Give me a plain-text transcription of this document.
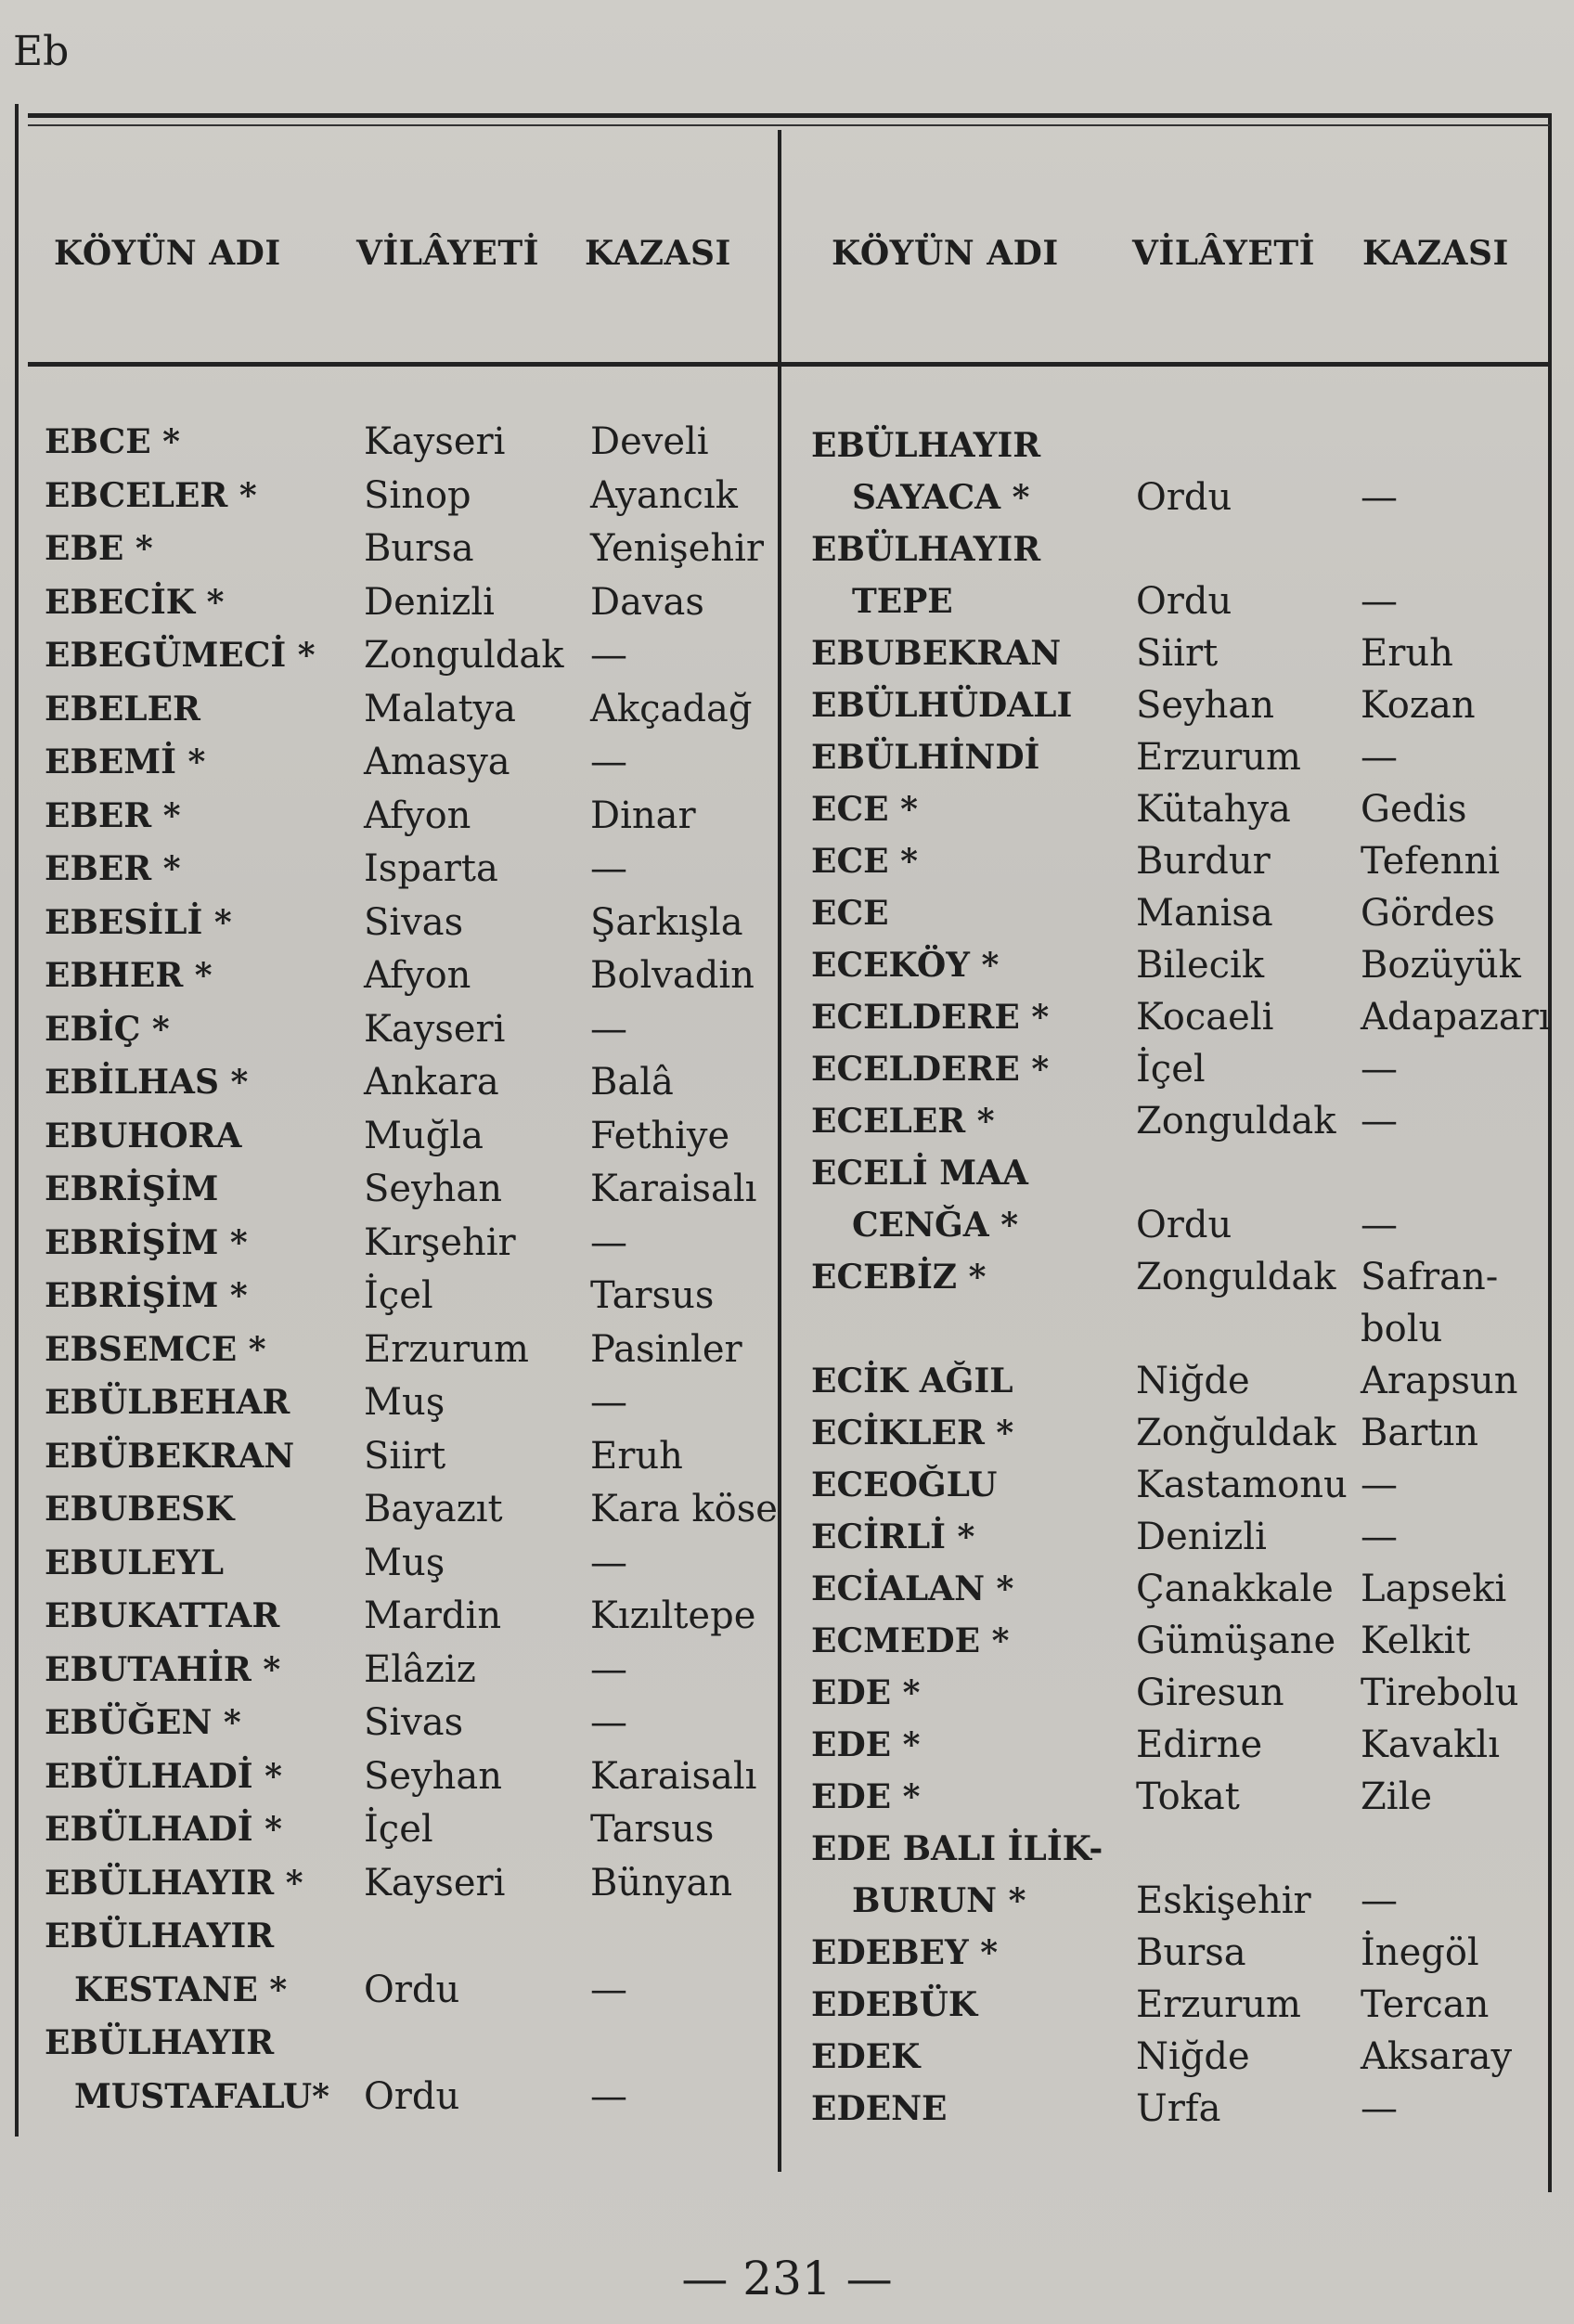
Eb
KÖYÜN ADI VİLÂYETİ KAZASI	KÖYÜN ADI VİLÂYETİ KAZASI
EBCE *	Kayseri Develi
EBCELER *	Sinop	Ayancık
EBE *	Bursa	Yenişehir
EBECİK *	Denizli	Davas
EBEGÜMECİ * Zonguldak —
EBELER	Malatya Akçadağ
EBEMİ *	Amasya —
EBER *	Afyon	Dinar
EBER *	Isparta —
EBESİLİ *	Sivas	Şarkışla
EBHER *	Afyon	Bolvadin
EBİÇ *	Kayseri —
EBİLHAS *	Ankara Balâ
EBUHORA	Muğla	Fethiye
EBRİŞİM	Seyhan Karaisalı
EBRİŞİM *	Kırşehir —
EBRİŞİM *	İçel	Tarsus
EBSEMCE *	Erzurum Pasinler
EBÜLBEHAR Muş	—
EBÜBEKRAN Siirt	Eruh
EBUBESK	Bayazıt Kara köse
EBULEYL	Muş	—
EBUKATTAR Mardin Kızıltepe
EBUTAHİR * Elâziz	—
EBÜĞEN *	Sivas	—
EBÜLHADİ * Seyhan Karaisalı
EBÜLHADİ * İçel	Tarsus
EBÜLHAYIR * Kayseri Bünyan
EBÜLHAYIR
KESTANE * Ordu	—
EBÜLHAYIR
MUSTAFALU* Ordu	—
EBÜLHAYIR
SAYACA *	Ordu	—
EBÜLHAYIR
TEPE	Ordu	—
EBUBEKRAN Siirt	Eruh
EBÜLHÜDALI Seyhan Kozan
EBÜLHİNDİ	Erzurum —
ECE *	Kütahya Gedis
ECE *	Burdur Tefenni
ECE	Manisa Gördes
ECEKÖY *	Bilecik	Bozüyük
ECELDERE * Kocaeli Adapazarı
ECELDERE * İçel	—
ECELER *	Zonguldak —
ECELİ MAA
CENĞA *	Ordu	—
ECEBİZ *	Zonguldak Safran-
bolu
ECİK AĞIL	Niğde	Arapsun
ECİKLER *	Zonğuldak Bartın
ECEOĞLU	Kastamonu —
ECİRLİ *	Denizli	—
ECİALAN *	Çanakkale Lapseki
ECMEDE *	Gümüşane Kelkit
EDE *	Giresun Tirebolu
EDE *	Edirne	Kavaklı
EDE *	Tokat	Zile
EDE BALI İLİK-
BURUN *	Eskişehir —
EDEBEY *	Bursa	İnegöl
EDEBÜK	Erzurum Tercan
EDEK	Niğde	Aksaray
EDENE	Urfa	—
— 231 —
